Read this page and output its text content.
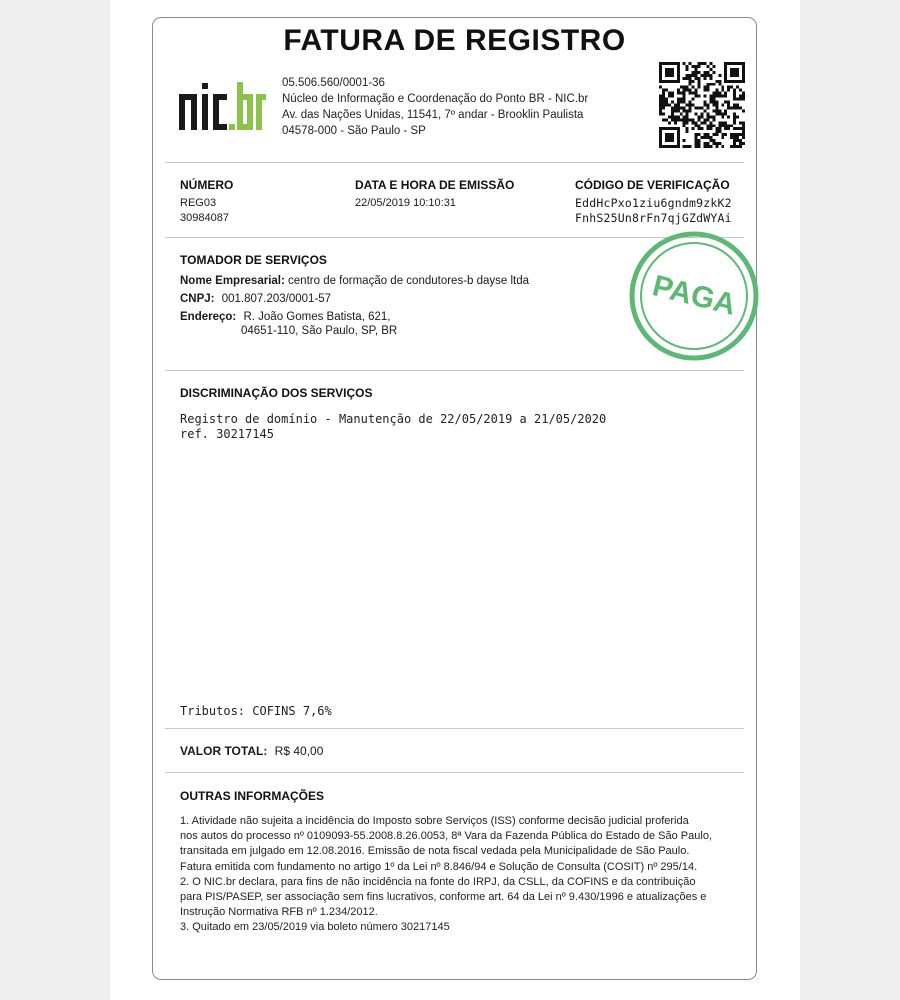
FATURA DE REGISTRO
05.506.560/0001-36
Núcleo de Informação e Coordenação do Ponto BR - NIC.br
Av. das Nações Unidas, 11541, 7º andar - Brooklin Paulista
04578-000 - São Paulo - SP
NÚMERO
REG03
30984087
DATA E HORA DE EMISSÃO
22/05/2019 10:10:31
CÓDIGO DE VERIFICAÇÃO
EddHcPxo1ziu6gndm9zkK2
FnhS25Un8rFn7qjGZdWYAi
TOMADOR DE SERVIÇOS
Nome Empresarial: centro de formação de condutores-b dayse ltda
CNPJ: 001.807.203/0001-57
Endereço: R. João Gomes Batista, 621,
04651-110, São Paulo, SP, BR
PAGA
DISCRIMINAÇÃO DOS SERVIÇOS
Registro de domínio - Manutenção de 22/05/2019 a 21/05/2020
ref. 30217145
Tributos: COFINS 7,6%
VALOR TOTAL: R$ 40,00
OUTRAS INFORMAÇÕES

1. Atividade não sujeita a incidência do Imposto sobre Serviços (ISS) conforme decisão judicial proferida

nos autos do processo nº 0109093-55.2008.8.26.0053, 8ª Vara da Fazenda Pública do Estado de São Paulo,

transitada em julgado em 12.08.2016. Emissão de nota fiscal vedada pela Municipalidade de São Paulo.

Fatura emitida com fundamento no artigo 1º da Lei nº 8.846/94 e Solução de Consulta (COSIT) nº 295/14.

2. O NIC.br declara, para fins de não incidência na fonte do IRPJ, da CSLL, da COFINS e da contribuição

para PIS/PASEP, ser associação sem fins lucrativos, conforme art. 64 da Lei nº 9.430/1996 e atualizações e

Instrução Normativa RFB nº 1.234/2012.

3. Quitado em 23/05/2019 via boleto número 30217145
